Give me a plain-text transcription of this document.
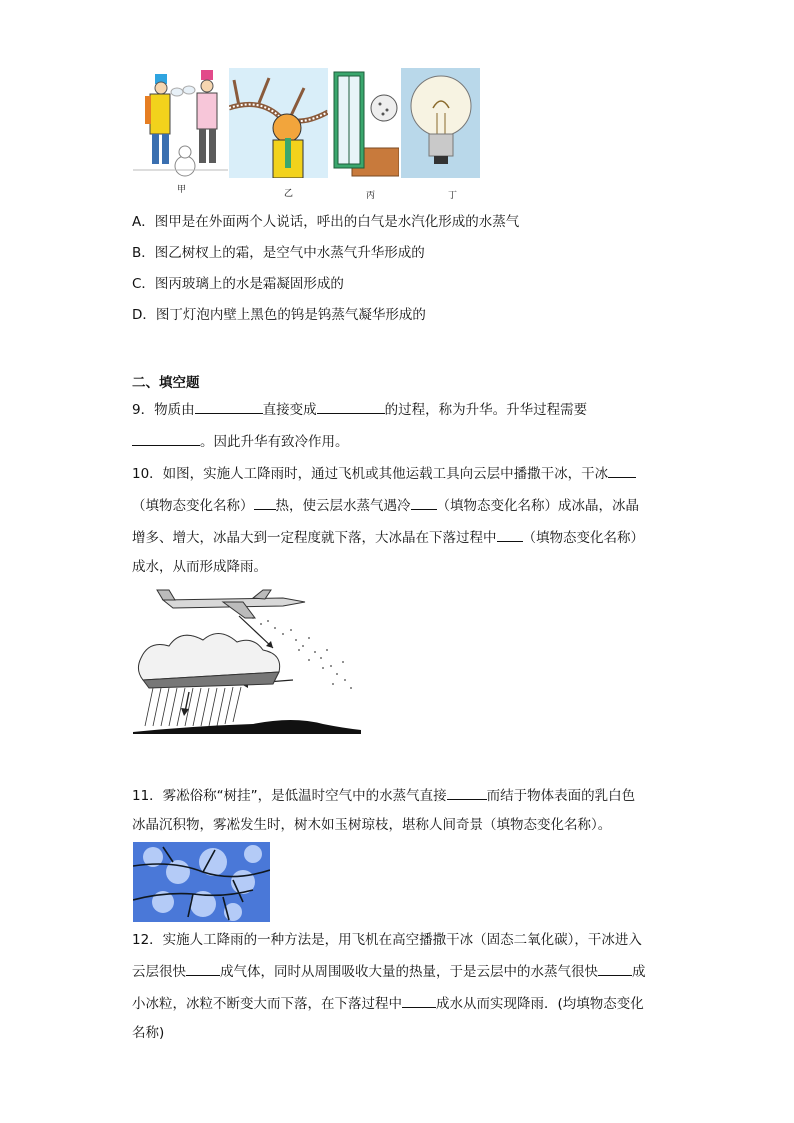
甲	乙	丙	丁
A．图甲是在外面两个人说话，呼出的白气是水汽化形成的水蒸气
B．图乙树杈上的霜，是空气中水蒸气升华形成的
C．图丙玻璃上的水是霜凝固形成的
D．图丁灯泡内壁上黑色的钨是钨蒸气凝华形成的
二、填空题
9．物质由	直接变成	的过程，称为升华。升华过程需要
。因此升华有致冷作用。
10．如图，实施人工降雨时，通过飞机或其他运载工具向云层中播撒干冰，干冰
（填物态变化名称） 热，使云层水蒸气遇冷 （填物态变化名称）成冰晶，冰晶
增多、增大，冰晶大到一定程度就下落，大冰晶在下落过程中 （填物态变化名称）
成水，从而形成降雨。
11．雾凇俗称“树挂”，是低温时空气中的水蒸气直接	而结于物体表面的乳白色
冰晶沉积物，雾凇发生时，树木如玉树琼枝，堪称人间奇景（填物态变化名称）。
12．实施人工降雨的一种方法是，用飞机在高空播撒干冰（固态二氧化碳），干冰进入
云层很快	成气体，同时从周围吸收大量的热量，于是云层中的水蒸气很快	成
小冰粒，冰粒不断变大而下落，在下落过程中	成水从而实现降雨．(均填物态变化
名称)
